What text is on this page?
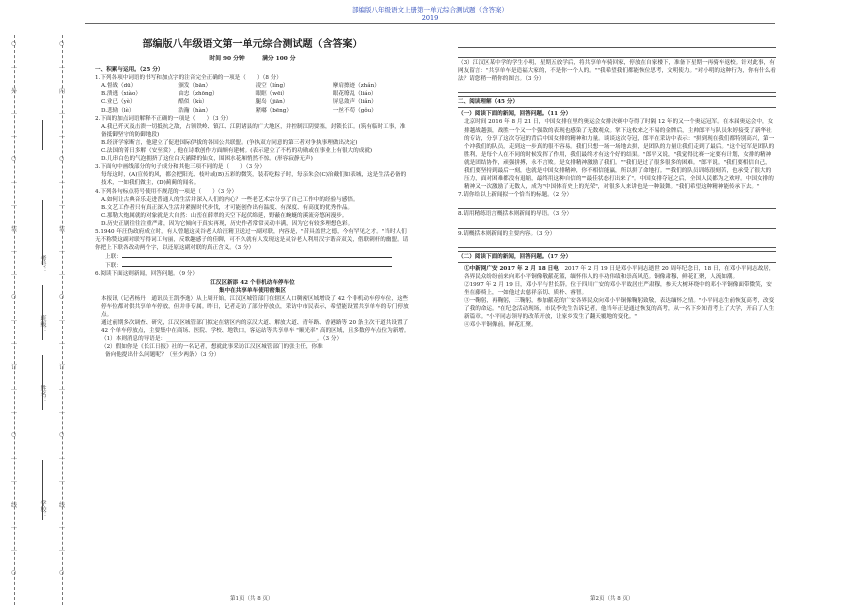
部编版八年级语文上册第一单元综合测试题（含答案）
2019
学校：
姓名：
班级：
考号：
○
…
外
…
…
○
…
…
装
…
…
○
…
…
订
…
…
○
…
…
线
…
…
○
○
…
内
…
…
○
…
…
装
…
…
○
…
…
订
…
…
○
…
…
线
…
…
○
部编版八年级语文第一单元综合测试题（含答案）
时间 90 分钟　　　满分 100 分

一、积累与运用。（25 分）

1.下列各项中词语的书写和加点字的注音完全正确的一项是（　　）（8 分）

A.督战（dū）	颁发（bān）	凌空（líng）	摩肩擦迹（zhǎn）
B.溃逃（xiào）	由忠（zhōng）	眼眶（wēi）	眼花缭乱（liáo）
C.业已（yè）	酷似（kù）	腿岛（jiān）	屏息敛声（liǎn）
D.悲恸（lè）	浩瀚（hàn）	紧嘟（bēng）	一丝不苟（gǒu）

2.下面的加点词语解释不正确的一项是（　　）（3 分）

A.我已歼灭及击溃一切抵抗之敌，占领铁岭、镇江、江阴诸县的广大地区，并控制江阴要塞，封锁长江。(筑有临时工事，准备抵御坚守的防御地段)

B.经济学家断言，他建立了促进国际伊拔的各国公共联盟。(争执双方同意的第三者对争执事理做出决定)

C.法国的菁日多解（安至赏）, 他在诗歌创作方面颇有建树。(表示建立了不朽的功勋或在事业上有很大的成就)

D.几串白色的气泡拥挤了这位白天涵降的仙女，围困水花厢悄然不惊。(形容寂静无声)

3.下面句中画线部分的句子成分和其他三项不同的是（　　）（3 分）

每每这时，(A)宣传的风，都会把阳光、枝叶或(B)五彩的微笑，装若吃粽子时，每亲朱会(C)治戴们如表城，这是生活必备的技术，一如我们做主，(D)蔺蔺的闻名。

4.下列各句标点符号使用不规范的一项是（　　）（3 分）

A.如何让古典音乐走进普通人的生活并深入人们的内心？一些老艺术宗分享了自己工作中的经验与感悟。

B.文艺工作者只有真正深入生活并紧握时代步伐，才可能创作出有温度、有深度、有高度的优秀作品。

C.那勒大炮属就的对象就是大自然：山峦在薛翠的天空下起伏绵延，野蔽在蜿蜒的溪流旁悠闲漫步。

D.历史正剧往往注重严肃，因为它倾向于真实再现，历史作者常常灵动丰满，因为它有较多理想色彩。

5.1940 年汪伪政府成立时，有人曾题这灵谷老人给汪精卫送过一副对联，内容是，"昔具盖世之德，今有罕见之才。"当时人们无不称赞这副对联写得词工句丽，反歌趣感子的佳聊，可不久就有人发现这是灵谷老人利用汉字谐音双关，借联刺杆的幽盟。请你把上下联各改动两个字，以还原这副对联的真正含义。（3 分）

上联：

下联：

6.阅读下面这则新闻，回答问题。（9 分）

江汉区新添 42 个非机动车停车位

集中在共享单车使用密集区

本报讯（记者杨丹　通讯员王凯李逸）从上周开始，江汉区城管部门在辖区人口稠密区域增设了 42 个非机动车停车位，这些停车位都对供共享单车停放，但并非专属。昨日，记者走访了部分停放点，采访中市民表示，希望能设置共享单车的专门停放点。

通过前期多次调查、研究，江汉区城管部门拟定在辖区内的京汉大道、解放大道、青年路、香港路等 20 条主次干道共设置了 42 个单车停放点，主要集中在商场、医院、学校、地铁口，客运站等共享单车 "顺光率" 高的区域，且多数停车点位为新增。

（1）本则消息的导语是：______________________________________________________。（3 分）

（2）假如你是《长江日报》社的一名记者，想就此事采访江汉区城管部门的张主任，你准

备向他提出什么问题呢？（至少两条）（3 分）

第1页（共 8 页）

（3）江汉区某中学的学生小明，星期五放学后，将共享单车骑回家，停放在自家楼下，准备下星期一再骑车返校。针对此事，有网友留言："共享单车是造福大家的，不是你一个人的。""我希望我们都能恢位思考，文明使力。"对小明的这种行为，你有什么看法？请您稍一稍你的图言。（3 分）

二、阅读理解（45 分）

（一）阅读下面的新闻，回答问题。（11 分）

北京时间 2016 年 8 月 21 日，中国女排在里约奥运会女排决赛中夺得了时隔 12 年的又一个奥运冠军。在本届奥运会中，女排越战越强，战胜一个又一个强敌的表现也感染了无数观众。掌下这枚来之不易的金牌后，主帅郎平与队员朱婷接受了新华社的专访，分享了这次夺冠的背后中国女排的精神和力量。谈谈这次夺冠，郎平在采访中表示："拼到现在我们都特别高兴，第一个冲我们的队员，走到这一步真的很不容易。我们只想一场一场地去拼，是团队的力量让我们走到了最后。"这个冠军是团队的胜利，是每个人在不同的时候发挥了作用，我们最终才有这个好的结果。"郎平又说，"我觉得比赛一定要有计划，女排的精神就是团结协作，顽强拼搏，永不言败。是女排精神激励了我们。""我们是过了很多很多的困难。"郎平说。"我们要相信自己，我们要坚持到最后一刻，也就是中国女排精神，你不相信能赢，所以拼了命地打。""我们的队员训练很刻苦，也承受了很大的压力，面对困难都没有退缩，最终用这种自信的""最佳状态打出来了"。中国女排夺冠之后，全国人民都为之欢呼。中国女排的精神又一次激励了无数人，成为"中国体育史上的光荣"，对很多人来讲也是一种鼓舞。"我们希望这种精神能传承下去。"

7.请你给以上新闻拟一个恰当的标题。（2 分）

8.请用精练语言概括本则新闻的导语。（3 分）

9.请概括本则新闻的主要内容。（3 分）

（二）阅读下面的新闻，回答问题。（17 分）

①中新网广安 2017 年 2 月 18 日电　 2017 年 2 月 19 日是邓小平同志逝世 20 周年纪念日，18 日，在邓小平同志故居，各界民众纷纷前来向邓小平铜像敬献花篮，缅怀伟人的丰功伟绩和崇高风范。铜像肃穆，鲜花汇聚，人流如潮。

②1997 年 2 月 19 日，邓小平与世长辞。位于四川广安的邓小平故居庄严肃穆，参天大树环绕中的邓小平铜像面带微笑，安坐在藤椅上，一如他过去慈祥亲切、质朴、睿智。

③一鞠躬，再鞠躬，三鞠躬，参加献花的广安各界民众向邓小平铜像鞠躬致敬，表达缅怀之情。"小平同志生前恢复高考，改变了我的命运。"在纪念活动现场，市民李先生告诉记者，他当年正是通过恢复的高考，从一名下乡知青考上了大学，开启了人生新篇章。"小平同志领导的改革开放，让家乡发生了翻天覆地的变化。"

④邓小平铜像前，鲜花汇聚。

第2页（共 8 页）
